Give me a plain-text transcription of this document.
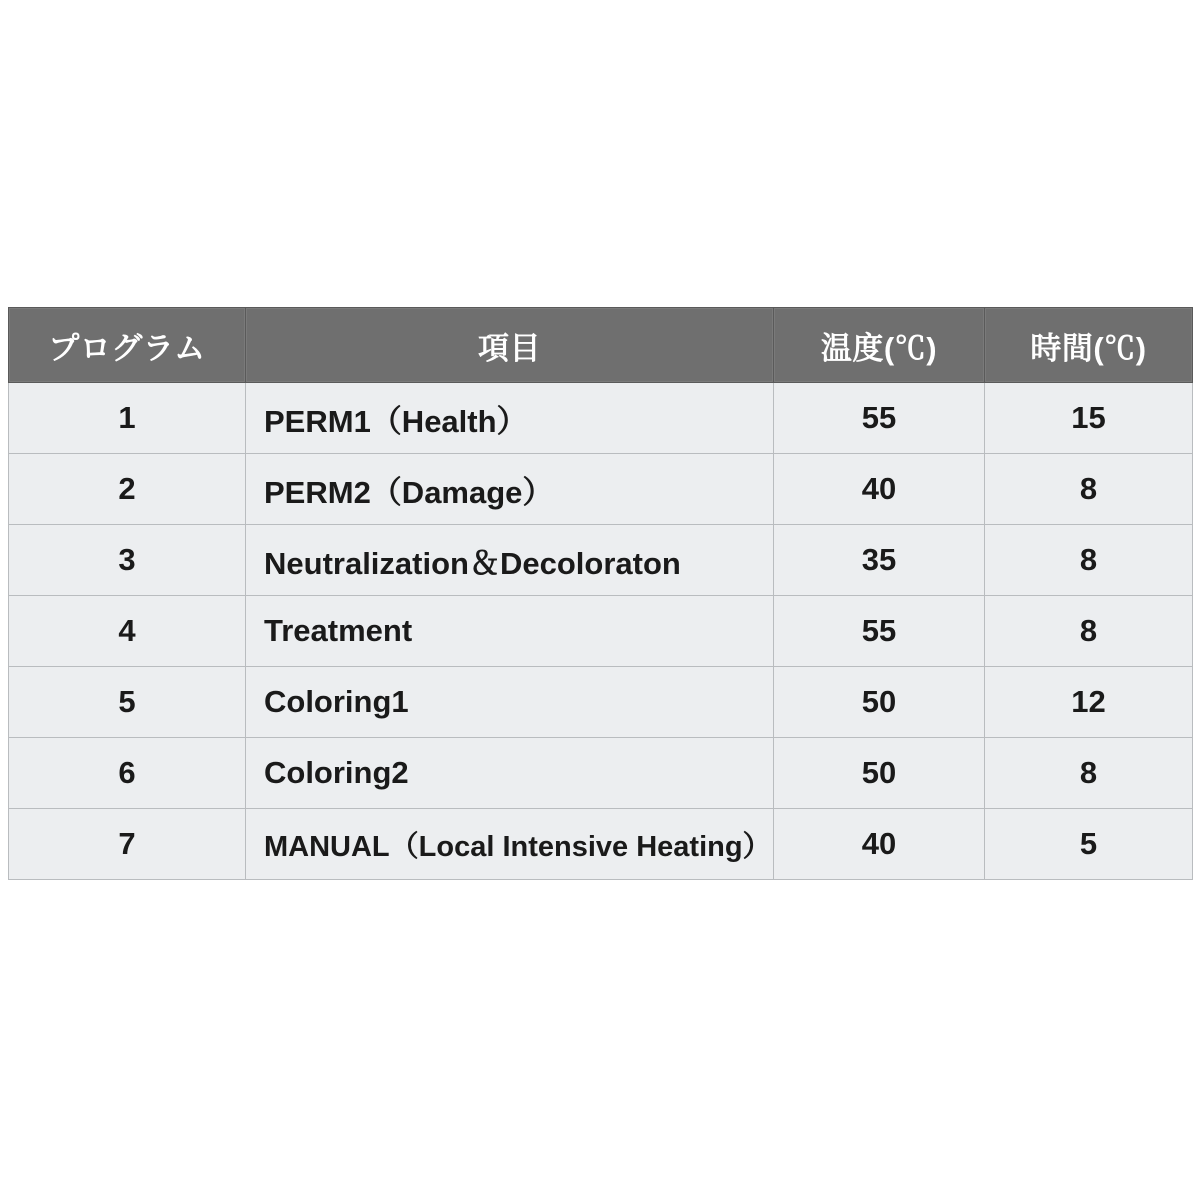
プログラム	項目	温度(℃)	時間(℃)
1	PERM1（Health）	55	15
2	PERM2（Damage）	40	8
3	Neutralization＆Decoloraton	35	8
4	Treatment	55	8
5	Coloring1	50	12
6	Coloring2	50	8
7	MANUAL（Local Intensive Heating）	40	5
